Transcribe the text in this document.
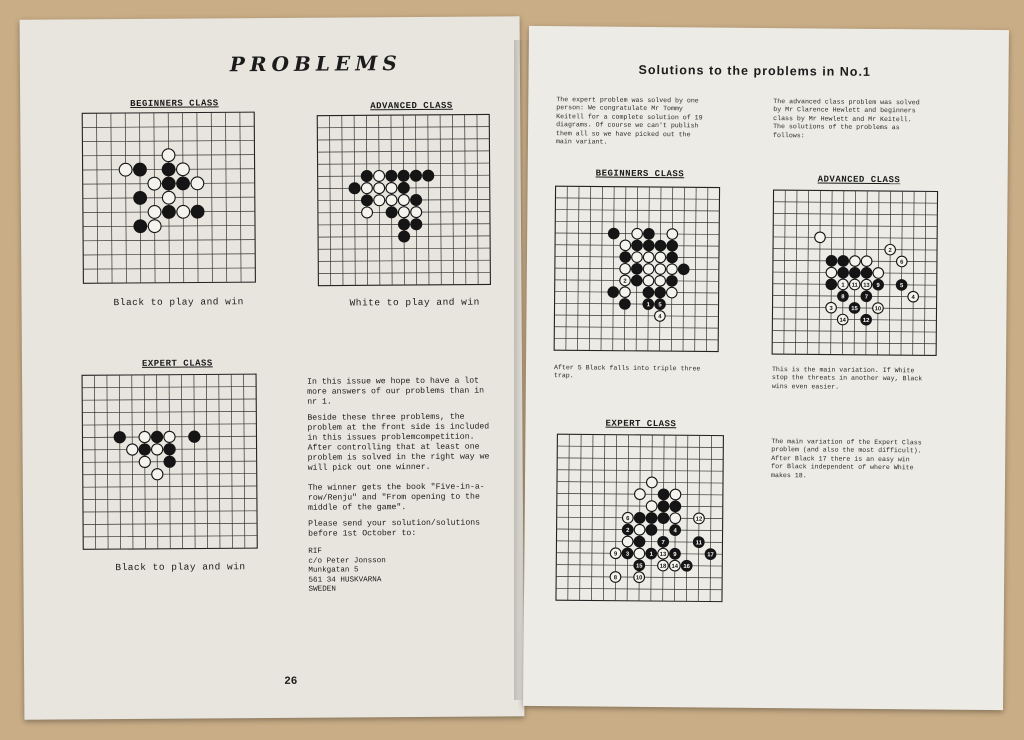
PROBLEMS
BEGINNERS CLASS
Black to play and win
ADVANCED CLASS
White to play and win
EXPERT CLASS
Black to play and win
In this issue we hope to have a lot
more answers of our problems than in
nr 1.
Beside these three problems, the
problem at the front side is included
in this issues problemcompetition.
After controlling that at least one
problem is solved in the right way we
will pick out one winner.
The winner gets the book "Five-in-a-
row/Renju" and "From opening to the
middle of the game".
Please send your solution/solutions
before 1st October to:
RIF
c/o Peter Jonsson
Munkgatan 5
561 34 HUSKVARNA
SWEDEN
26
Solutions to the problems in No.1
The expert problem was solved by one
person: We congratulate Mr Tommy
Keitell for a complete solution of 19
diagrams. Of course we can't publish
them all so we have picked out the
main variant.
The advanced class problem was solved
by Mr Clarence Hewlett and beginners
class by Mr Hewlett and Mr Keitell.
The solutions of the problems as
follows:
BEGINNERS CLASS
2
1 5
4
After 5 Black falls into triple three
trap.
ADVANCED CLASS
2
6
1 11 13 9	5
8	7	4
3	15	10
14	12
This is the main variation. If White
stop the threats in another way, Black
wins even easier.
EXPERT CLASS
6	12
2	4
7	11
9 3	1 13 9	17
15	18 14 16
8	10
The main variation of the Expert Class
problem (and also the most difficult).
After Black 17 there is an easy win
for Black independent of where White
makes 18.
